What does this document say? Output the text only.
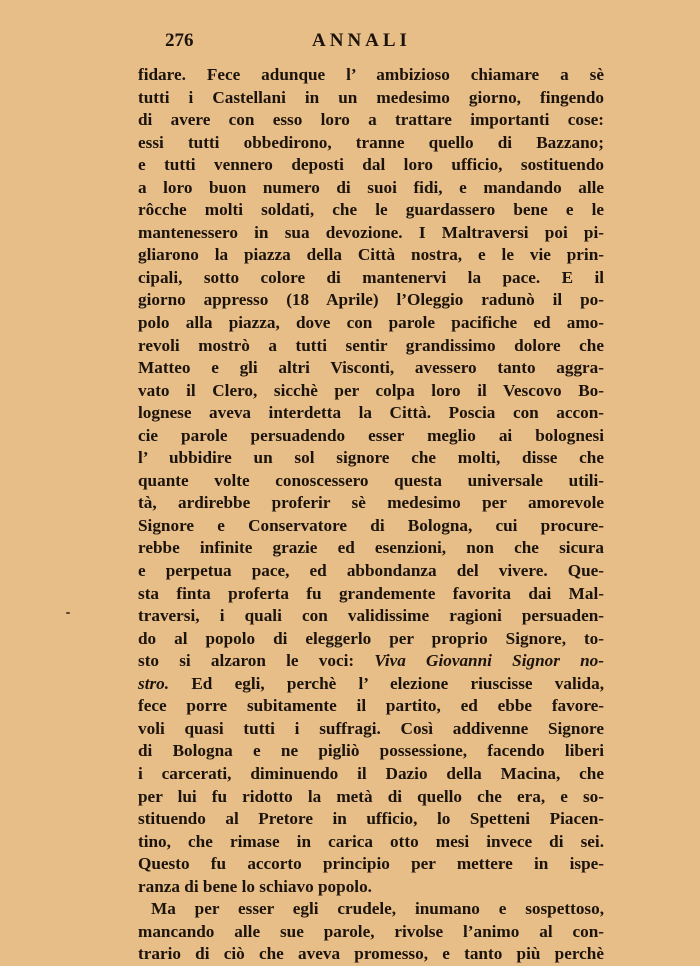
276	ANNALI
fidare. Fece adunque l’ ambizioso chiamare a sè
tutti i Castellani in un medesimo giorno, fingendo
di avere con esso loro a trattare importanti cose:
essi tutti obbedirono, tranne quello di Bazzano;
e tutti vennero deposti dal loro ufficio, sostituendo
a loro buon numero di suoi fidi, e mandando alle
rôcche molti soldati, che le guardassero bene e le
mantenessero in sua devozione. I Maltraversi poi pi-
gliarono la piazza della Città nostra, e le vie prin-
cipali, sotto colore di mantenervi la pace. E il
giorno appresso (18 Aprile) l’Oleggio radunò il po-
polo alla piazza, dove con parole pacifiche ed amo-
revoli mostrò a tutti sentir grandissimo dolore che
Matteo e gli altri Visconti, avessero tanto aggra-
vato il Clero, sicchè per colpa loro il Vescovo Bo-
lognese aveva interdetta la Città. Poscia con accon-
cie parole persuadendo esser meglio ai bolognesi
l’ ubbidire un sol signore che molti, disse che
quante volte conoscessero questa universale utili-
tà, ardirebbe proferir sè medesimo per amorevole
Signore e Conservatore di Bologna, cui procure-
rebbe infinite grazie ed esenzioni, non che sicura
e perpetua pace, ed abbondanza del vivere. Que-
sta finta proferta fu grandemente favorita dai Mal-
traversi, i quali con validissime ragioni persuaden-
do al popolo di eleggerlo per proprio Signore, to-
sto si alzaron le voci: Viva Giovanni Signor no-
stro. Ed egli, perchè l’ elezione riuscisse valida,
fece porre subitamente il partito, ed ebbe favore-
voli quasi tutti i suffragi. Così addivenne Signore
di Bologna e ne pigliò possessione, facendo liberi
i carcerati, diminuendo il Dazio della Macina, che
per lui fu ridotto la metà di quello che era, e so-
stituendo al Pretore in ufficio, lo Spetteni Piacen-
tino, che rimase in carica otto mesi invece di sei.
Questo fu accorto principio per mettere in ispe-
ranza di bene lo schiavo popolo.
Ma per esser egli crudele, inumano e sospettoso,
mancando alle sue parole, rivolse l’animo al con-
trario di ciò che aveva promesso, e tanto più perchè
